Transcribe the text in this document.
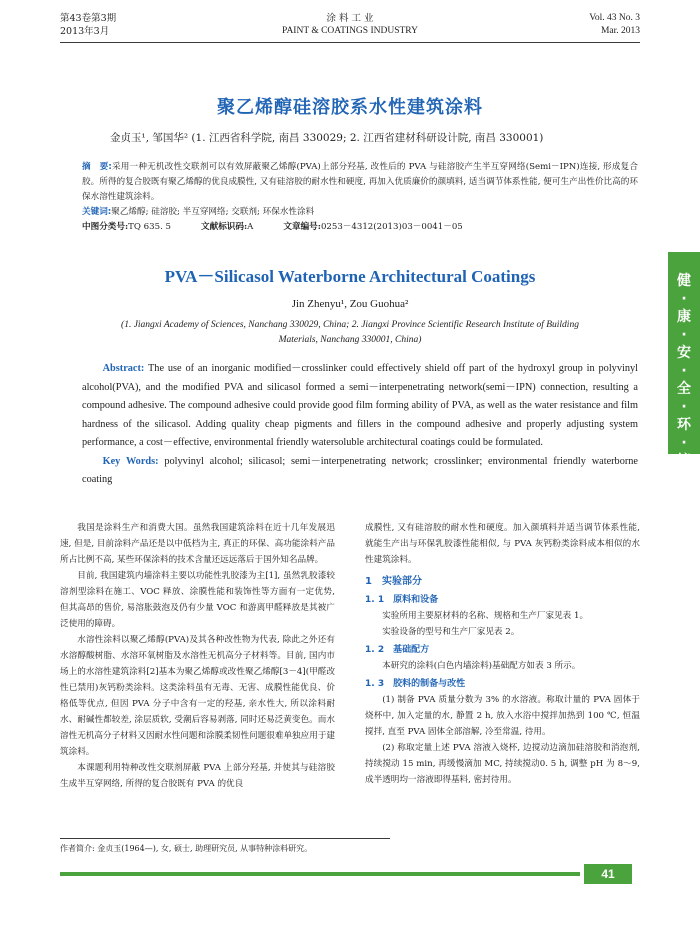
第43卷第3期
2013年3月
涂 料 工 业
PAINT & COATINGS INDUSTRY
Vol. 43 No. 3
Mar. 2013
聚乙烯醇硅溶胶系水性建筑涂料
金贞玉¹, 邹国华² (1. 江西省科学院, 南昌 330029; 2. 江西省建材科研设计院, 南昌 330001)
摘　要:采用一种无机改性交联剂可以有效屏蔽聚乙烯醇(PVA)上部分羟基, 改性后的 PVA 与硅溶胶产生半互穿网络(Semi－IPN)连接, 形成复合胶。所得的复合胶既有聚乙烯醇的优良成膜性, 又有硅溶胶的耐水性和硬度, 再加入优质廉价的颜填料, 适当调节体系性能, 便可生产出性价比高的环保水溶性建筑涂料。
关键词:聚乙烯醇; 硅溶胶; 半互穿网络; 交联剂; 环保水性涂料
中图分类号:TQ 635. 5	文献标识码:A	文章编号:0253－4312(2013)03－0041－05
PVA－Silicasol Waterborne Architectural Coatings
Jin Zhenyu¹, Zou Guohua²
(1. Jiangxi Academy of Sciences, Nanchang 330029, China; 2. Jiangxi Province Scientific Research Institute of Building Materials, Nanchang 330001, China)
Abstract: The use of an inorganic modified－crosslinker could effectively shield off part of the hydroxyl group in polyvinyl alcohol(PVA), and the modified PVA and silicasol formed a semi－interpenetrating network(semi－IPN) connection, resulting a compound adhesive. The compound adhesive could provide good film forming ability of PVA, as well as the water resistance and film hardness of the silicasol. Adding quality cheap pigments and fillers in the compound adhesive and properly adjusting system performance, a cost－effective, environmental friendly watersoluble architectural coatings could be formulated.
Key Words: polyvinyl alcohol; silicasol; semi－interpenetrating network; crosslinker; environmental friendly waterborne coating

我国是涂料生产和消费大国。虽然我国建筑涂料在近十几年发展迅速, 但是, 目前涂料产品还是以中低档为主, 真正的环保、高功能涂料产品所占比例不高, 某些环保涂料的技术含量还远远落后于国外知名品牌。

目前, 我国建筑内墙涂料主要以功能性乳胶漆为主[1], 虽然乳胶漆较溶剂型涂料在施工、VOC 释放、涂膜性能和装饰性等方面有一定优势, 但其高昂的售价, 易溶胀鼓泡及仍有少量 VOC 和游离甲醛释放是其被广泛使用的障碍。

水溶性涂料以聚乙烯醇(PVA)及其各种改性物为代表, 除此之外还有水溶醇酸树脂、水溶环氧树脂及水溶性无机高分子材料等。目前, 国内市场上的水溶性建筑涂料[2]基本为聚乙烯醇或改性聚乙烯醇[3－4](甲醛改性已禁用)灰钙粉类涂料。这类涂料虽有无毒、无害、成膜性能优良、价格低等优点, 但因 PVA 分子中含有一定的羟基, 亲水性大, 所以涂料耐水、耐碱性都较差, 涂层质软, 受潮后容易剥落, 同时还易泛黄变色。而水溶性无机高分子材料又因耐水性问题和涂膜柔韧性问题很难单独应用于建筑涂料。

本课题利用特种改性交联剂屏蔽 PVA 上部分羟基, 并使其与硅溶胶生成半互穿网络, 所得的复合胶既有 PVA 的优良

成膜性, 又有硅溶胶的耐水性和硬度。加入颜填料并适当调节体系性能, 就能生产出与环保乳胶漆性能相似, 与 PVA 灰钙粉类涂料成本相似的水性建筑涂料。

1　实验部分
1. 1　原料和设备

实验所用主要原材料的名称、规格和生产厂家见表 1。

实验设备的型号和生产厂家见表 2。

1. 2　基础配方

本研究的涂料(白色内墙涂料)基础配方如表 3 所示。

1. 3　胶料的制备与改性

(1) 制备 PVA 质量分数为 3% 的水溶液。称取计量的 PVA 固体于烧杯中, 加入定量的水, 静置 2 h, 放入水浴中搅拌加热到 100 ℃, 恒温搅拌, 直至 PVA 固体全部溶解, 冷至常温, 待用。

(2) 称取定量上述 PVA 溶液入烧杯, 边搅动边滴加硅溶胶和消泡剂, 持续搅动 15 min, 再缓慢滴加 MC, 持续搅动0. 5 h, 调整 pH 为 8～9, 成半透明均一溶液即得基料, 密封待用。

作者简介: 金贞玉(1964—), 女, 硕士, 助理研究员, 从事特种涂料研究。
健·康·安·全·环·境
41
